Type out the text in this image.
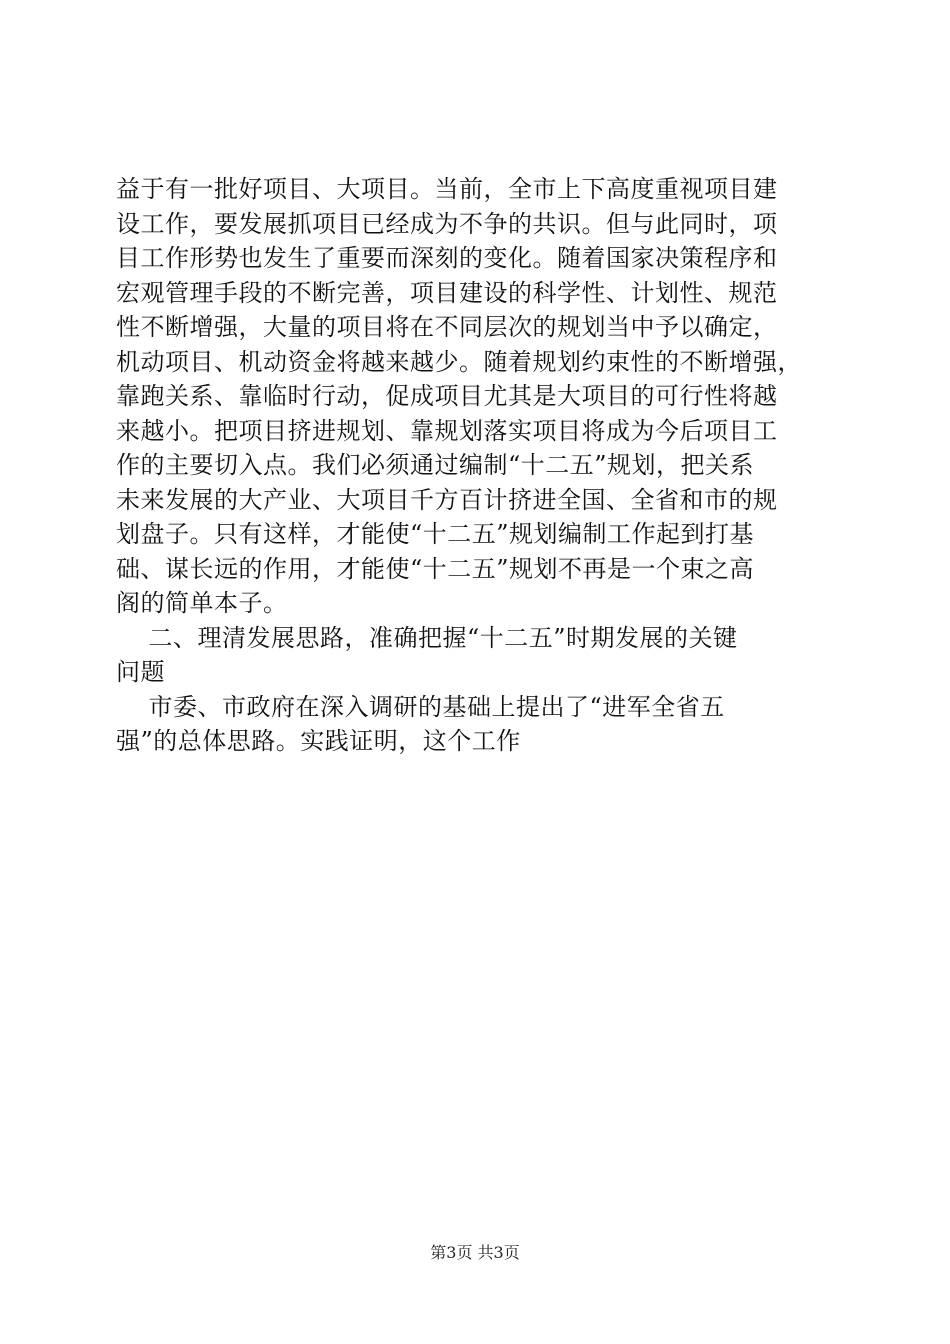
益于有一批好项目、大项目。当前，全市上下高度重视项目建
设工作，要发展抓项目已经成为不争的共识。但与此同时，项
目工作形势也发生了重要而深刻的变化。随着国家决策程序和
宏观管理手段的不断完善，项目建设的科学性、计划性、规范
性不断增强，大量的项目将在不同层次的规划当中予以确定，
机动项目、机动资金将越来越少。随着规划约束性的不断增强，
靠跑关系、靠临时行动，促成项目尤其是大项目的可行性将越
来越小。把项目挤进规划、靠规划落实项目将成为今后项目工
作的主要切入点。我们必须通过编制“十二五”规划，把关系
未来发展的大产业、大项目千方百计挤进全国、全省和市的规
划盘子。只有这样，才能使“十二五”规划编制工作起到打基
础、谋长远的作用，才能使“十二五”规划不再是一个束之高
阁的简单本子。
二、理清发展思路，准确把握“十二五”时期发展的关键
问题
市委、市政府在深入调研的基础上提出了“进军全省五
强”的总体思路。实践证明，这个工作
第3页 共3页
